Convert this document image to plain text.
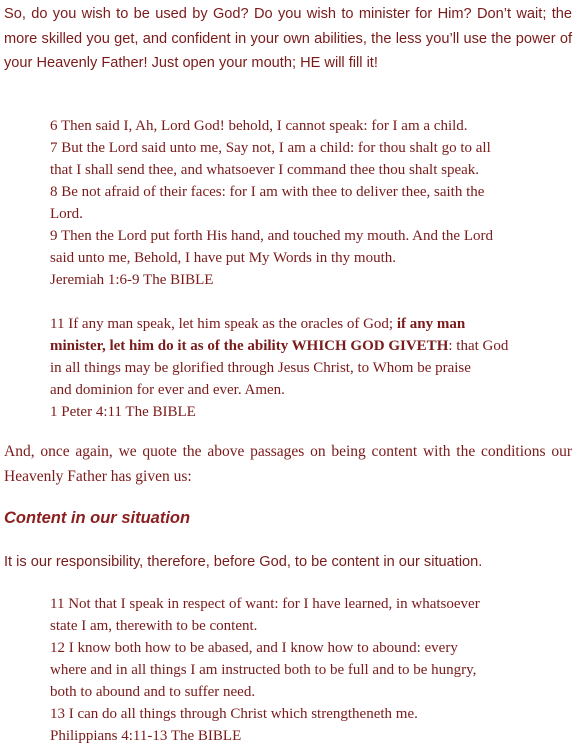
So, do you wish to be used by God? Do you wish to minister for Him? Don’t wait; the more skilled you get, and confident in your own abilities, the less you’ll use the power of your Heavenly Father! Just open your mouth; HE will fill it!

6 Then said I, Ah, Lord God! behold, I cannot speak: for I am a child.
7 But the Lord said unto me, Say not, I am a child: for thou shalt go to all
that I shall send thee, and whatsoever I command thee thou shalt speak.
8 Be not afraid of their faces: for I am with thee to deliver thee, saith the
Lord.
9 Then the Lord put forth His hand, and touched my mouth. And the Lord
said unto me, Behold, I have put My Words in thy mouth.
Jeremiah 1:6-9 The BIBLE
11 If any man speak, let him speak as the oracles of God; if any man
minister, let him do it as of the ability WHICH GOD GIVETH: that God
in all things may be glorified through Jesus Christ, to Whom be praise
and dominion for ever and ever. Amen.
1 Peter 4:11 The BIBLE

And, once again, we quote the above passages on being content with the conditions our Heavenly Father has given us:

Content in our situation

It is our responsibility, therefore, before God, to be content in our situation.

11 Not that I speak in respect of want: for I have learned, in whatsoever
state I am, therewith to be content.
12 I know both how to be abased, and I know how to abound: every
where and in all things I am instructed both to be full and to be hungry,
both to abound and to suffer need.
13 I can do all things through Christ which strengtheneth me.
Philippians 4:11-13 The BIBLE
